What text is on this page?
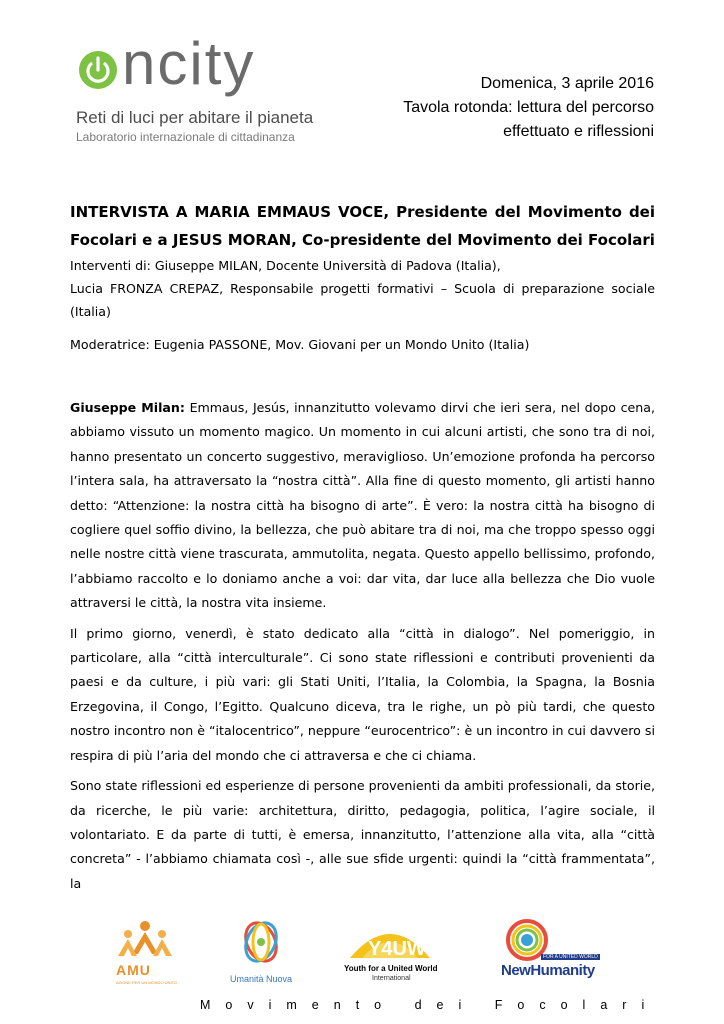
ncity
Reti di luci per abitare il pianeta
Laboratorio internazionale di cittadinanza
Domenica, 3 aprile 2016
Tavola rotonda: lettura del percorso
effettuato e riflessioni

INTERVISTA A MARIA EMMAUS VOCE, Presidente del Movimento dei Focolari e a JESUS MORAN, Co-presidente del Movimento dei Focolari

Interventi di: Giuseppe MILAN, Docente Università di Padova (Italia),

Lucia FRONZA CREPAZ, Responsabile progetti formativi – Scuola di preparazione sociale (Italia)

Moderatrice: Eugenia PASSONE, Mov. Giovani per un Mondo Unito (Italia)

Giuseppe Milan: Emmaus, Jesús, innanzitutto volevamo dirvi che ieri sera, nel dopo cena, abbiamo vissuto un momento magico. Un momento in cui alcuni artisti, che sono tra di noi, hanno presentato un concerto suggestivo, meraviglioso. Un’emozione profonda ha percorso l’intera sala, ha attraversato la “nostra città”. Alla fine di questo momento, gli artisti hanno detto: “Attenzione: la nostra città ha bisogno di arte”. È vero: la nostra città ha bisogno di cogliere quel soffio divino, la bellezza, che può abitare tra di noi, ma che troppo spesso oggi nelle nostre città viene trascurata, ammutolita, negata. Questo appello bellissimo, profondo, l’abbiamo raccolto e lo doniamo anche a voi: dar vita, dar luce alla bellezza che Dio vuole attraversi le città, la nostra vita insieme.

Il primo giorno, venerdì, è stato dedicato alla “città in dialogo”. Nel pomeriggio, in particolare, alla “città interculturale”. Ci sono state riflessioni e contributi provenienti da paesi e da culture, i più vari: gli Stati Uniti, l’Italia, la Colombia, la Spagna, la Bosnia Erzegovina, il Congo, l’Egitto. Qualcuno diceva, tra le righe, un pò più tardi, che questo nostro incontro non è “italocentrico”, neppure “eurocentrico”: è un incontro in cui davvero si respira di più l’aria del mondo che ci attraversa e che ci chiama.

Sono state riflessioni ed esperienze di persone provenienti da ambiti professionali, da storie, da ricerche, le più varie: architettura, diritto, pedagogia, politica, l’agire sociale, il volontariato. E da parte di tutti, è emersa, innanzitutto, l’attenzione alla vita, alla “città concreta” - l’abbiamo chiamata così -, alle sue sfide urgenti: quindi la “città frammentata”, la

AMU
AZIONE PER UN MONDO UNITO	Umanità Nuova
Y4UW
Youth for a United World
International
FOR A UNITED WORLD
NewHumanity
Movimento dei Focolari
